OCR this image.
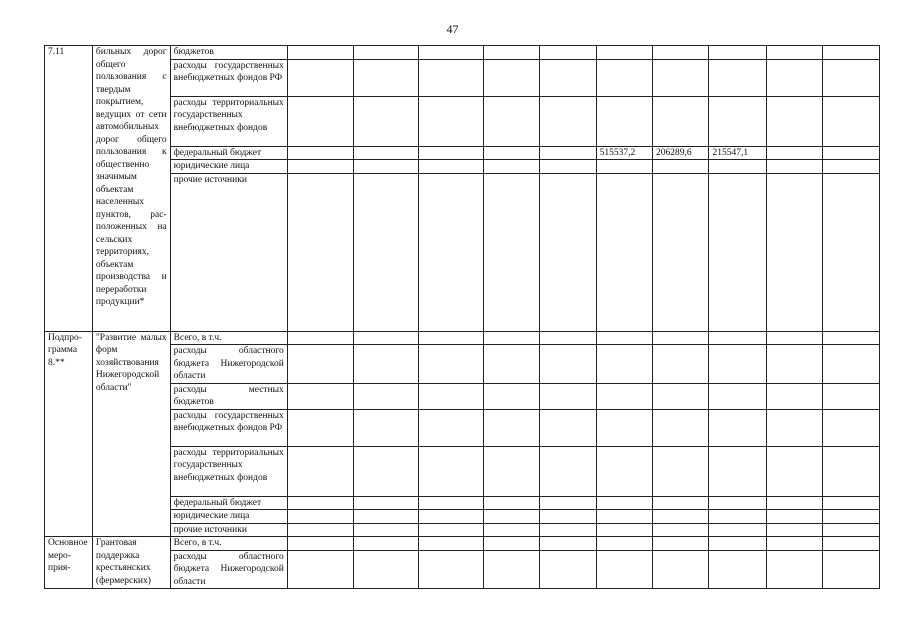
47
7.11	бильных дорог общего пользования с твердым покрытием, ведущих от сети автомобильных дорог общего пользования к общественно значимым объектам населенных пунктов, расположенных на сельских территориях, объектам производства и переработки продукции*	бюджетов										
		расходы государственных внебюджетных фондов РФ										
		расходы территориальных государственных внебюджетных фондов										
		федеральный бюджет						515537,2	206289,6	215547,1		
		юридические лица										
		прочие источники										
Подпрограмма 8.**	"Развитие малых форм хозяйствования Нижегородской области"	Всего, в т.ч.										
		расходы областного бюджета Нижегородской области										
		расходы местных бюджетов										
		расходы государственных внебюджетных фондов РФ										
		расходы территориальных государственных внебюджетных фондов										
		федеральный бюджет										
		юридические лица										
		прочие источники										
Основное мероприя-	Грантовая поддержка крестьянских (фермерских)	Всего, в т.ч.										
		расходы областного бюджета Нижегородской области										
